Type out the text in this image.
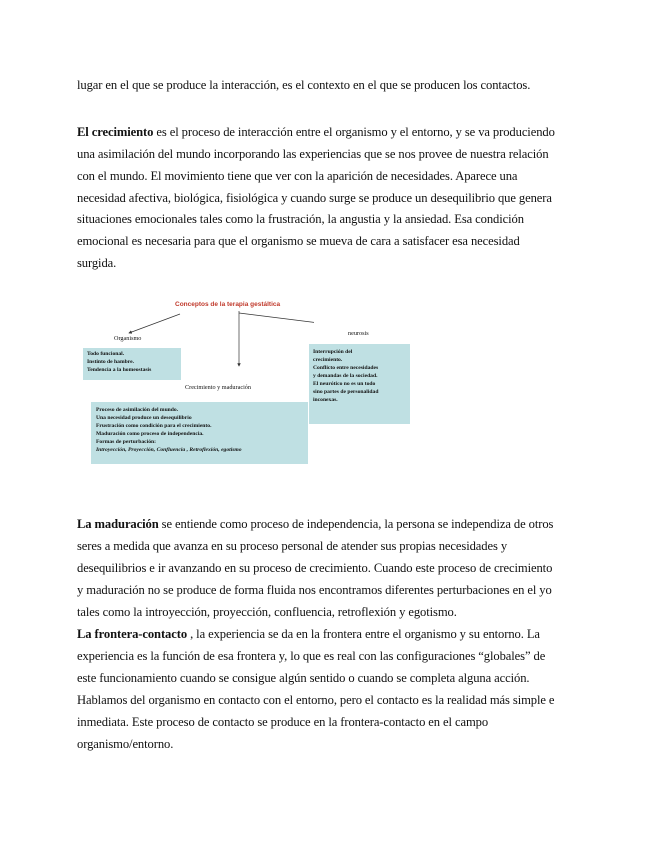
lugar en el que se produce la interacción, es el contexto en el que se producen los contactos.
El crecimiento es el proceso de interacción entre el organismo y el entorno, y se va produciendo
una asimilación del mundo incorporando las experiencias que se nos provee de nuestra relación
con el mundo. El movimiento tiene que ver con la aparición de necesidades. Aparece una
necesidad afectiva, biológica, fisiológica y cuando surge se produce un desequilibrio que genera
situaciones emocionales tales como la frustración, la angustia y la ansiedad. Esa condición
emocional es necesaria para que el organismo se mueva de cara a satisfacer esa necesidad
surgida.
Conceptos de la terapia gestáltica
Organismo
neurosis
Crecimiento y maduración
Todo funcional.
Instinto de hambre.
Tendencia a la homeostasis
Interrupción del
crecimiento.
Conflicto entre necesidades
y demandas de la sociedad.
El neurótico no es un todo
sino partes de personalidad
inconexas.
Proceso de asimilación del mundo.
Una necesidad produce un desequilibrio
Frustración como condición para el crecimiento.
Maduración como proceso de independencia.
Formas de perturbación:
Introyección, Proyección, Confluencia , Retroflexión, egotismo
La maduración se entiende como proceso de independencia, la persona se independiza de otros
seres a medida que avanza en su proceso personal de atender sus propias necesidades y
desequilibrios e ir avanzando en su proceso de crecimiento. Cuando este proceso de crecimiento
y maduración no se produce de forma fluida nos encontramos diferentes perturbaciones en el yo
tales como la introyección, proyección, confluencia, retroflexión y egotismo.
La frontera-contacto , la experiencia se da en la frontera entre el organismo y su entorno. La
experiencia es la función de esa frontera y, lo que es real con las configuraciones “globales” de
este funcionamiento cuando se consigue algún sentido o cuando se completa alguna acción.
Hablamos del organismo en contacto con el entorno, pero el contacto es la realidad más simple e
inmediata. Este proceso de contacto se produce en la frontera-contacto en el campo
organismo/entorno.
